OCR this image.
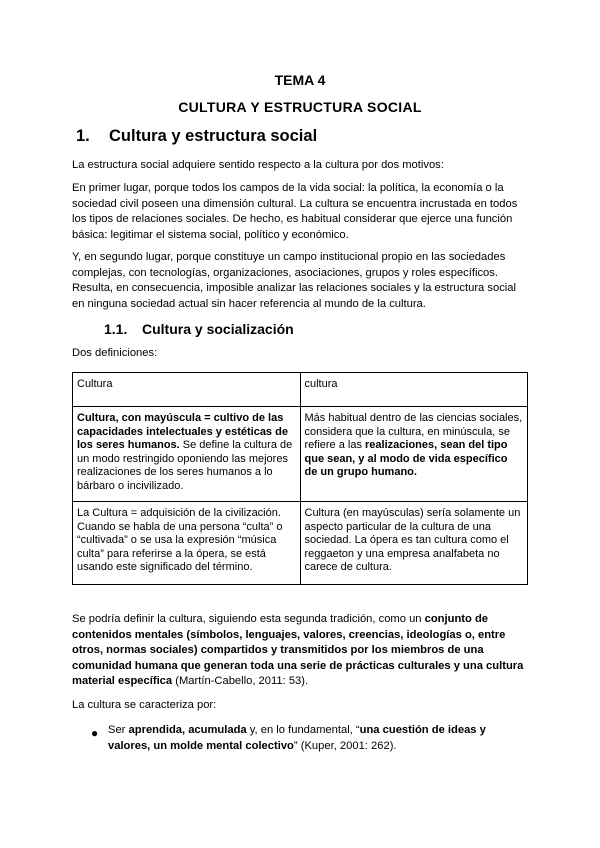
TEMA 4
CULTURA Y ESTRUCTURA SOCIAL
1. Cultura y estructura social
La estructura social adquiere sentido respecto a la cultura por dos motivos:
En primer lugar, porque todos los campos de la vida social: la política, la economía o la sociedad civil poseen una dimensión cultural. La cultura se encuentra incrustada en todos los tipos de relaciones sociales. De hecho, es habitual considerar que ejerce una función básica: legitimar el sistema social, político y económico.
Y, en segundo lugar, porque constituye un campo institucional propio en las sociedades complejas, con tecnologías, organizaciones, asociaciones, grupos y roles específicos. Resulta, en consecuencia, imposible analizar las relaciones sociales y la estructura social en ninguna sociedad actual sin hacer referencia al mundo de la cultura.
1.1. Cultura y socialización
Dos definiciones:
Cultura	cultura
Cultura, con mayúscula = cultivo de las capacidades intelectuales y estéticas de los seres humanos. Se define la cultura de un modo restringido oponiendo las mejores realizaciones de los seres humanos a lo bárbaro o incivilizado.	Más habitual dentro de las ciencias sociales, considera que la cultura, en minúscula, se refiere a las realizaciones, sean del tipo que sean, y al modo de vida específico de un grupo humano.
La Cultura = adquisición de la civilización. Cuando se habla de una persona “culta” o “cultivada” o se usa la expresión “música culta” para referirse a la ópera, se está usando este significado del término.	Cultura (en mayúsculas) sería solamente un aspecto particular de la cultura de una sociedad. La ópera es tan cultura como el reggaeton y una empresa analfabeta no carece de cultura.
Se podría definir la cultura, siguiendo esta segunda tradición, como un conjunto de contenidos mentales (símbolos, lenguajes, valores, creencias, ideologías o, entre otros, normas sociales) compartidos y transmitidos por los miembros de una comunidad humana que generan toda una serie de prácticas culturales y una cultura material específica (Martín-Cabello, 2011: 53).
La cultura se caracteriza por:
● Ser aprendida, acumulada y, en lo fundamental, “una cuestión de ideas y valores, un molde mental colectivo” (Kuper, 2001: 262).
